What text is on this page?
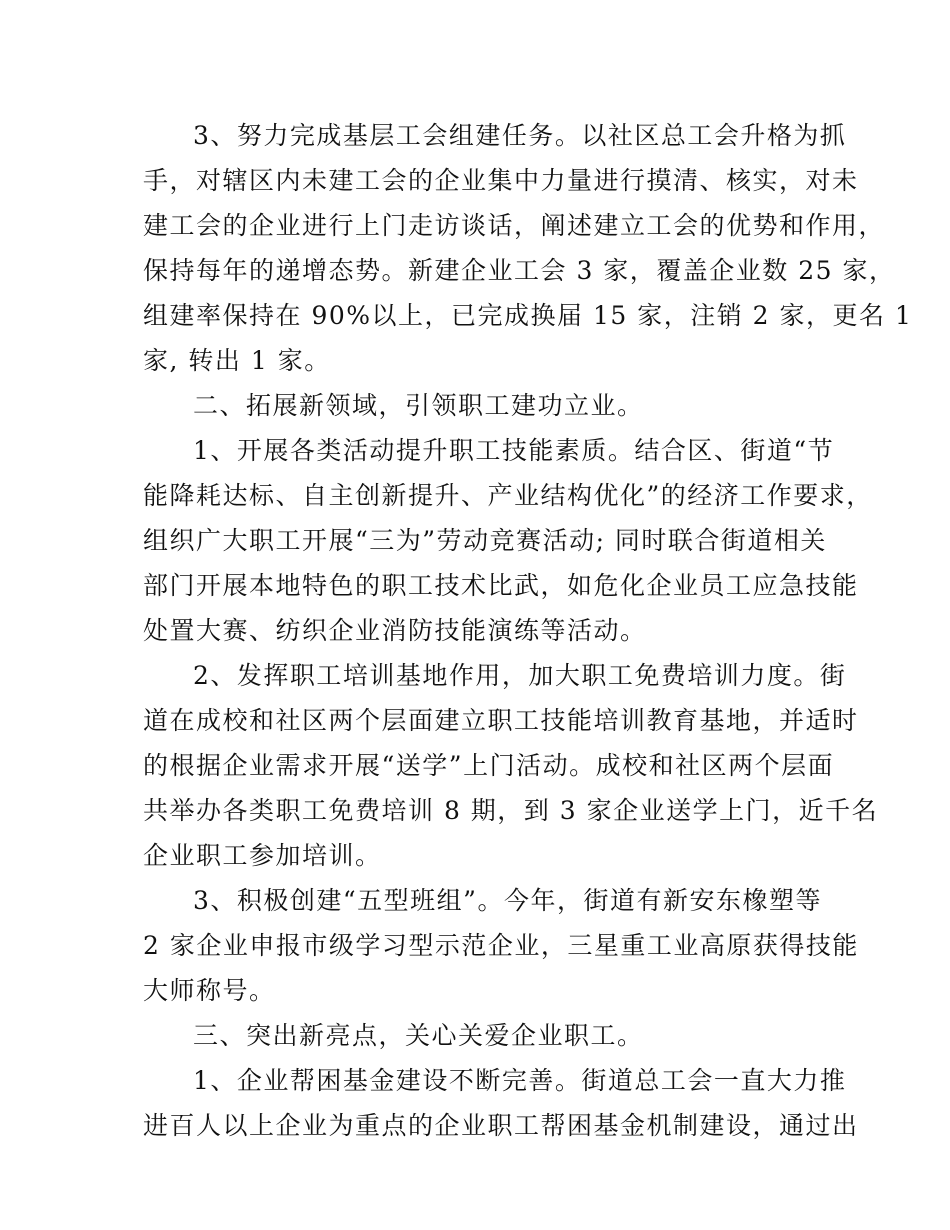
3、努力完成基层工会组建任务。以社区总工会升格为抓
手，对辖区内未建工会的企业集中力量进行摸清、核实，对未
建工会的企业进行上门走访谈话，阐述建立工会的优势和作用，
保持每年的递增态势。新建企业工会 3 家，覆盖企业数 25 家，
组建率保持在 90%以上，已完成换届 15 家，注销 2 家，更名 1
家, 转出 1 家。
二、拓展新领域，引领职工建功立业。
1、开展各类活动提升职工技能素质。结合区、街道“节
能降耗达标、自主创新提升、产业结构优化”的经济工作要求，
组织广大职工开展“三为”劳动竞赛活动; 同时联合街道相关
部门开展本地特色的职工技术比武，如危化企业员工应急技能
处置大赛、纺织企业消防技能演练等活动。
2、发挥职工培训基地作用，加大职工免费培训力度。街
道在成校和社区两个层面建立职工技能培训教育基地，并适时
的根据企业需求开展“送学”上门活动。成校和社区两个层面
共举办各类职工免费培训 8 期，到 3 家企业送学上门，近千名
企业职工参加培训。
3、积极创建“五型班组”。今年，街道有新安东橡塑等
2 家企业申报市级学习型示范企业，三星重工业高原获得技能
大师称号。
三、突出新亮点，关心关爱企业职工。
1、企业帮困基金建设不断完善。街道总工会一直大力推
进百人以上企业为重点的企业职工帮困基金机制建设，通过出
